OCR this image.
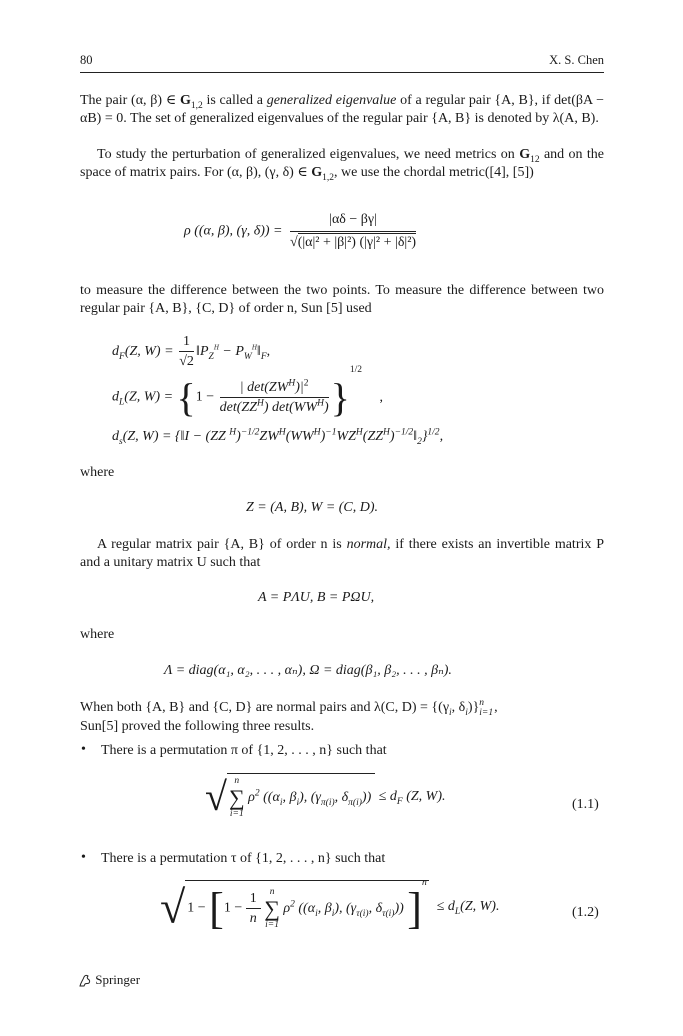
80	X. S. Chen
The pair (α, β) ∈ $G_{1,2}$ is called a generalized eigenvalue of a regular pair {A, B}, if det(βA − αB) = 0. The set of generalized eigenvalues of the regular pair {A, B} is denoted by λ(A, B).
To study the perturbation of generalized eigenvalues, we need metrics on $G_{12}$ and on the space of matrix pairs. For (α, β), (γ, δ) ∈ $G_{1,2}$, we use the chordal metric([4], [5])
ρ ((α, β), (γ, $\delta)) = \frac{|\alpha\delta - \beta\gamma|}{\text{√(|α|² + |β|²) (|γ|² + |δ|²)}}$
to measure the difference between the two points. To measure the difference between two regular pair {A, B}, {C, D} of order n, Sun [5] used
$d_F(Z$, $W) = \frac{1}{√2}$ $‖P_Z^H$ − $P_W^H‖_F$,
$d_L(Z$, $W) = \{1 - \frac{| \det(ZW^H)|^2}{\det(ZZ^H) \det(WW^H)} \}^{1/2}$ ,
$d_s(Z$, W) = {‖I − (ZZ $^H)^{-1/2}ZW^H(WW^H)^{-1}WZ^H(ZZ^H)^{-1/2}‖_2\}^{1/2}$,
where
Z = (A, B), W = (C, D).
A regular matrix pair {A, B} of order n is normal, if there exists an invertible matrix P and a unitary matrix U such that
A = PΛU, B = PΩU,
where
Λ = diag(α₁, α₂, . . . , αₙ), Ω = diag(β₁, β₂, . . . , βₙ).
When both {A, B} and {C, D} are normal pairs and λ(C, $D) = \{(\gamma_i$, $\delta_i$)} n
i=1 ,
Sun[5] proved the following three results.
• There is a permutation π of {1, 2, . . . , n} such that
√ n
∑
i=1
$\rho^2$ (($\alpha_i$, $\beta_i$), ($\gamma_{\pi(i)}$, $\delta_{\pi(i)})) \le d_F$ (Z, W).
(1.1)
• There is a permutation τ of {1, 2, . . . , n} such that
√ $1 - [1 - \frac{1}{n}$
n
∑
i=1
$\rho^2$ (($\alpha_i$, $\beta_i$), ($\gamma_{\tau(i)}$, $\delta_{\tau(i)}$)) ]$^n\le d_L(Z$, W).	(1.2)
Springer
